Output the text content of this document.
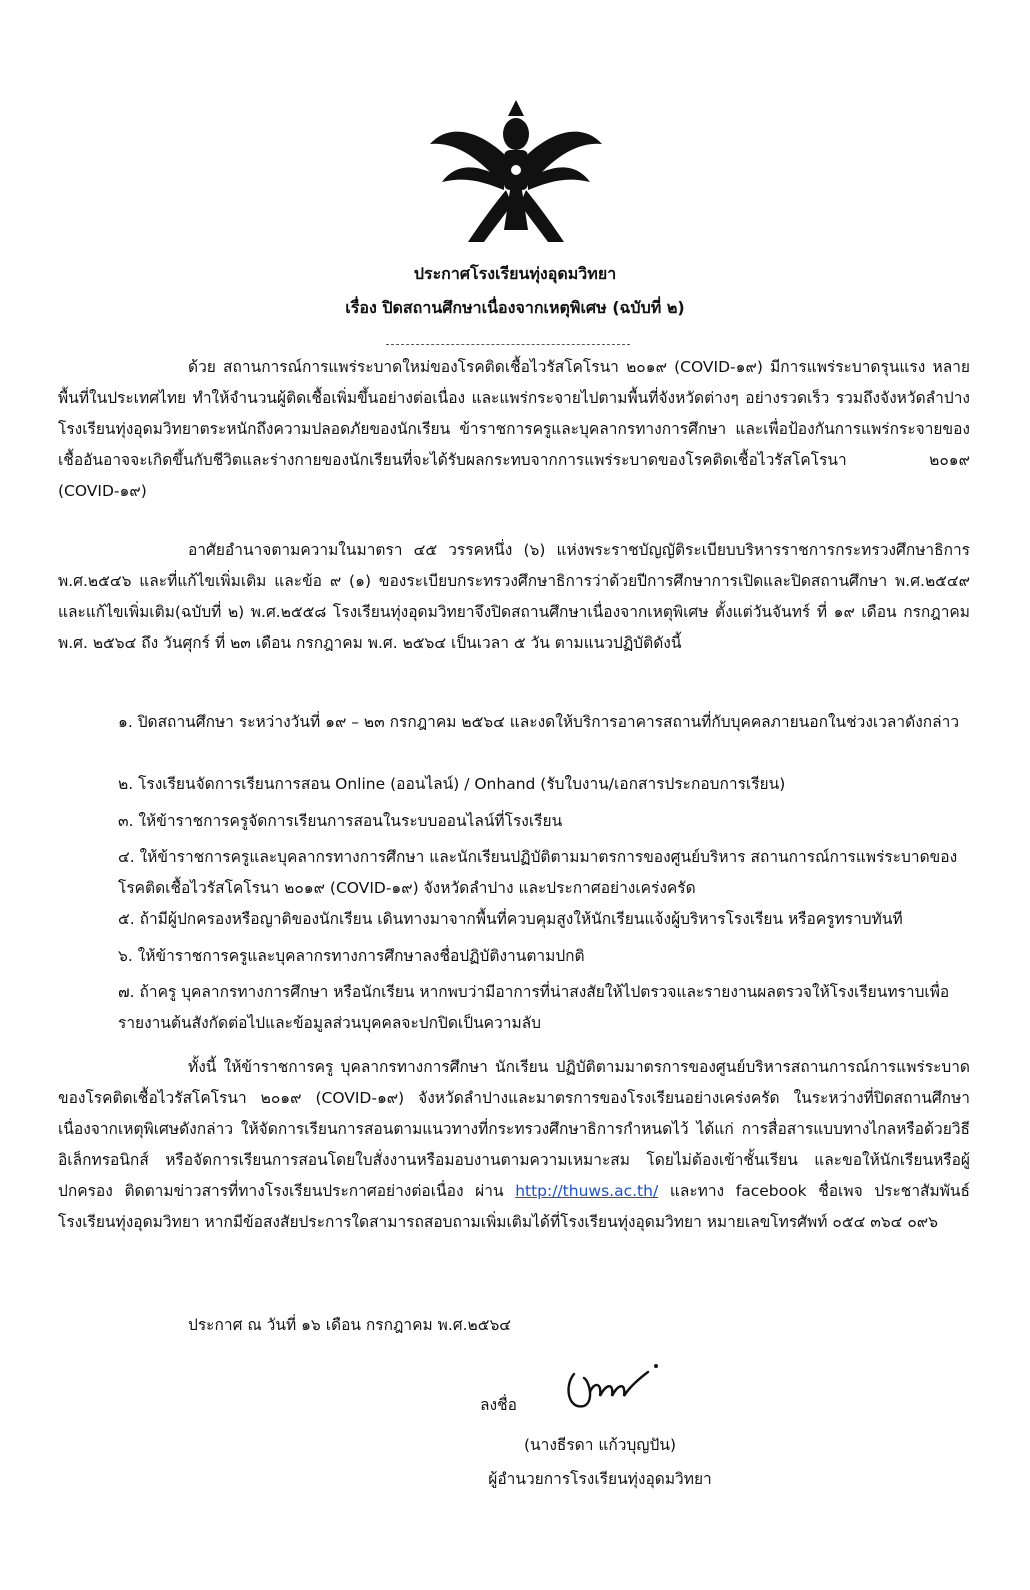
ประกาศโรงเรียนทุ่งอุดมวิทยา
เรื่อง ปิดสถานศึกษาเนื่องจากเหตุพิเศษ (ฉบับที่ ๒)
ด้วย สถานการณ์การแพร่ระบาดใหม่ของโรคติดเชื้อไวรัสโคโรนา ๒๐๑๙ (COVID-๑๙) มีการแพร่ระบาดรุนแรง หลายพื้นที่ในประเทศไทย ทำให้จำนวนผู้ติดเชื้อเพิ่มขึ้นอย่างต่อเนื่อง และแพร่กระจายไปตามพื้นที่จังหวัดต่างๆ อย่างรวดเร็ว รวมถึงจังหวัดลำปาง โรงเรียนทุ่งอุดมวิทยาตระหนักถึงความปลอดภัยของนักเรียน ข้าราชการครูและบุคลากรทางการศึกษา และเพื่อป้องกันการแพร่กระจายของเชื้ออันอาจจะเกิดขึ้นกับชีวิตและร่างกายของนักเรียนที่จะได้รับผลกระทบจากการแพร่ระบาดของโรคติดเชื้อไวรัสโคโรนา ๒๐๑๙ (COVID-๑๙)
อาศัยอำนาจตามความในมาตรา ๔๕ วรรคหนึ่ง (๖) แห่งพระราชบัญญัติระเบียบบริหารราชการกระทรวงศึกษาธิการ พ.ศ.๒๕๔๖ และที่แก้ไขเพิ่มเติม และข้อ ๙ (๑) ของระเบียบกระทรวงศึกษาธิการว่าด้วยปีการศึกษาการเปิดและปิดสถานศึกษา พ.ศ.๒๕๔๙ และแก้ไขเพิ่มเติม(ฉบับที่ ๒) พ.ศ.๒๕๕๘ โรงเรียนทุ่งอุดมวิทยาจึงปิดสถานศึกษาเนื่องจากเหตุพิเศษ ตั้งแต่วันจันทร์ ที่ ๑๙ เดือน กรกฎาคม พ.ศ. ๒๕๖๔ ถึง วันศุกร์ ที่ ๒๓ เดือน กรกฎาคม พ.ศ. ๒๕๖๔ เป็นเวลา ๕ วัน ตามแนวปฏิบัติดังนี้
๑. ปิดสถานศึกษา ระหว่างวันที่ ๑๙ – ๒๓ กรกฎาคม ๒๕๖๔ และงดให้บริการอาคารสถานที่กับบุคคลภายนอกในช่วงเวลาดังกล่าว
๒. โรงเรียนจัดการเรียนการสอน Online (ออนไลน์) / Onhand (รับใบงาน/เอกสารประกอบการเรียน)
๓. ให้ข้าราชการครูจัดการเรียนการสอนในระบบออนไลน์ที่โรงเรียน
๔. ให้ข้าราชการครูและบุคลากรทางการศึกษา และนักเรียนปฏิบัติตามมาตรการของศูนย์บริหาร สถานการณ์การแพร่ระบาดของโรคติดเชื้อไวรัสโคโรนา ๒๐๑๙ (COVID-๑๙) จังหวัดลำปาง และประกาศอย่างเคร่งครัด
๕. ถ้ามีผู้ปกครองหรือญาติของนักเรียน เดินทางมาจากพื้นที่ควบคุมสูงให้นักเรียนแจ้งผู้บริหารโรงเรียน หรือครูทราบทันที
๖. ให้ข้าราชการครูและบุคลากรทางการศึกษาลงชื่อปฏิบัติงานตามปกติ
๗. ถ้าครู บุคลากรทางการศึกษา หรือนักเรียน หากพบว่ามีอาการที่น่าสงสัยให้ไปตรวจและรายงานผลตรวจให้โรงเรียนทราบเพื่อรายงานต้นสังกัดต่อไปและข้อมูลส่วนบุคคลจะปกปิดเป็นความลับ
ทั้งนี้ ให้ข้าราชการครู บุคลากรทางการศึกษา นักเรียน ปฏิบัติตามมาตรการของศูนย์บริหารสถานการณ์การแพร่ระบาดของโรคติดเชื้อไวรัสโคโรนา ๒๐๑๙ (COVID-๑๙) จังหวัดลำปางและมาตรการของโรงเรียนอย่างเคร่งครัด ในระหว่างที่ปิดสถานศึกษาเนื่องจากเหตุพิเศษดังกล่าว ให้จัดการเรียนการสอนตามแนวทางที่กระทรวงศึกษาธิการกำหนดไว้ ได้แก่ การสื่อสารแบบทางไกลหรือด้วยวิธีอิเล็กทรอนิกส์ หรือจัดการเรียนการสอนโดยใบสั่งงานหรือมอบงานตามความเหมาะสม โดยไม่ต้องเข้าชั้นเรียน และขอให้นักเรียนหรือผู้ปกครอง ติดตามข่าวสารที่ทางโรงเรียนประกาศอย่างต่อเนื่อง ผ่าน http://thuws.ac.th/ และทาง facebook ชื่อเพจ ประชาสัมพันธ์โรงเรียนทุ่งอุดมวิทยา หากมีข้อสงสัยประการใดสามารถสอบถามเพิ่มเติมได้ที่โรงเรียนทุ่งอุดมวิทยา หมายเลขโทรศัพท์ ๐๕๔ ๓๖๔ ๐๙๖
ประกาศ ณ วันที่ ๑๖ เดือน กรกฎาคม พ.ศ.๒๕๖๔
ลงชื่อ
(นางธีรดา แก้วบุญปัน)
ผู้อำนวยการโรงเรียนทุ่งอุดมวิทยา
